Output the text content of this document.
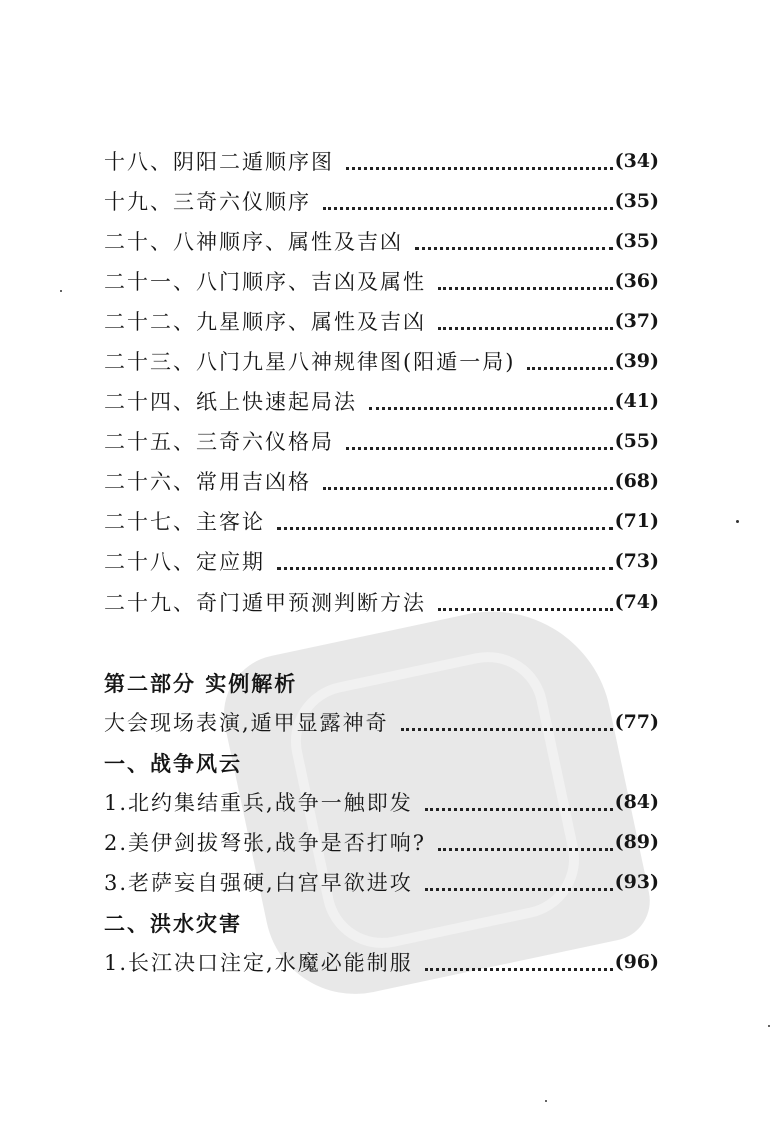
十八、阴阳二遁顺序图	(34)
十九、三奇六仪顺序	(35)
二十、八神顺序、属性及吉凶	(35)
二十一、八门顺序、吉凶及属性	(36)
二十二、九星顺序、属性及吉凶	(37)
二十三、八门九星八神规律图(阳遁一局)	(39)
二十四、纸上快速起局法	(41)
二十五、三奇六仪格局	(55)
二十六、常用吉凶格	(68)
二十七、主客论	(71)
二十八、定应期	(73)
二十九、奇门遁甲预测判断方法	(74)
第二部分 实例解析
大会现场表演,遁甲显露神奇	(77)
一、战争风云
1.北约集结重兵,战争一触即发	(84)
2.美伊剑拔弩张,战争是否打响?	(89)
3.老萨妄自强硬,白宫早欲进攻	(93)
二、洪水灾害
1.长江决口注定,水魔必能制服	(96)
